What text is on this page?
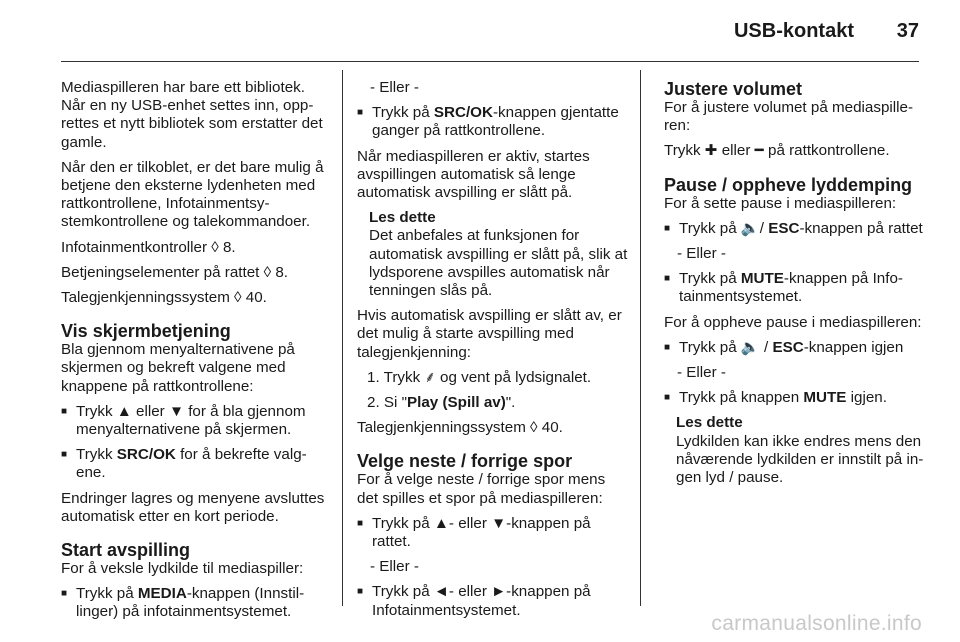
USB-kontakt 37

Mediaspilleren har bare ett bibliotek. Når en ny USB-enhet settes inn, opprettes et nytt bibliotek som erstatter det gamle.

Når den er tilkoblet, er det bare mulig å betjene den eksterne lydenheten med rattkontrollene, Infotainmentsystemkontrollene og talekommandoer.

Infotainmentkontroller ◊ 8.

Betjeningselementer på rattet ◊ 8.

Talegjenkjenningssystem ◊ 40.

Vis skjermbetjening

Bla gjennom menyalternativene på skjermen og bekreft valgene med knappene på rattkontrollene:

■ Trykk ▲ eller ▼ for å bla gjennom menyalternativene på skjermen.
■ Trykk SRC/OK for å bekrefte valgene.

Endringer lagres og menyene avsluttes automatisk etter en kort periode.

Start avspilling

For å veksle lydkilde til mediaspiller:

■ Trykk på MEDIA-knappen (Innstillinger) på infotainmentsystemet.

- Eller -

■ Trykk på SRC/OK-knappen gjentatte ganger på rattkontrollene.

Når mediaspilleren er aktiv, startes avspillingen automatisk så lenge automatisk avspilling er slått på.

Les dette
Det anbefales at funksjonen for automatisk avspilling er slått på, slik at lydsporene avspilles automatisk når tenningen slås på.

Hvis automatisk avspilling er slått av, er det mulig å starte avspilling med talegjenkjenning:

1. Trykk ⸙ og vent på lydsignalet.

2. Si "Play (Spill av)".

Talegjenkjenningssystem ◊ 40.

Velge neste / forrige spor

For å velge neste / forrige spor mens det spilles et spor på mediaspilleren:

■ Trykk på ▲- eller ▼-knappen på rattet.

- Eller -

■ Trykk på ◄- eller ►-knappen på Infotainmentsystemet.
Justere volumet

For å justere volumet på mediaspilleren:

Trykk ✚ eller ━ på rattkontrollene.

Pause / oppheve lyddemping

For å sette pause i mediaspilleren:

■ Trykk på 🔈/ ESC-knappen på rattet

- Eller -

■ Trykk på MUTE-knappen på Infotainmentsystemet.

For å oppheve pause i mediaspilleren:

■ Trykk på 🔈 / ESC-knappen igjen

- Eller -

■ Trykk på knappen MUTE igjen.
Les dette
Lydkilden kan ikke endres mens den nåværende lydkilden er innstilt på ingen lyd / pause.
carmanualsonline.info
